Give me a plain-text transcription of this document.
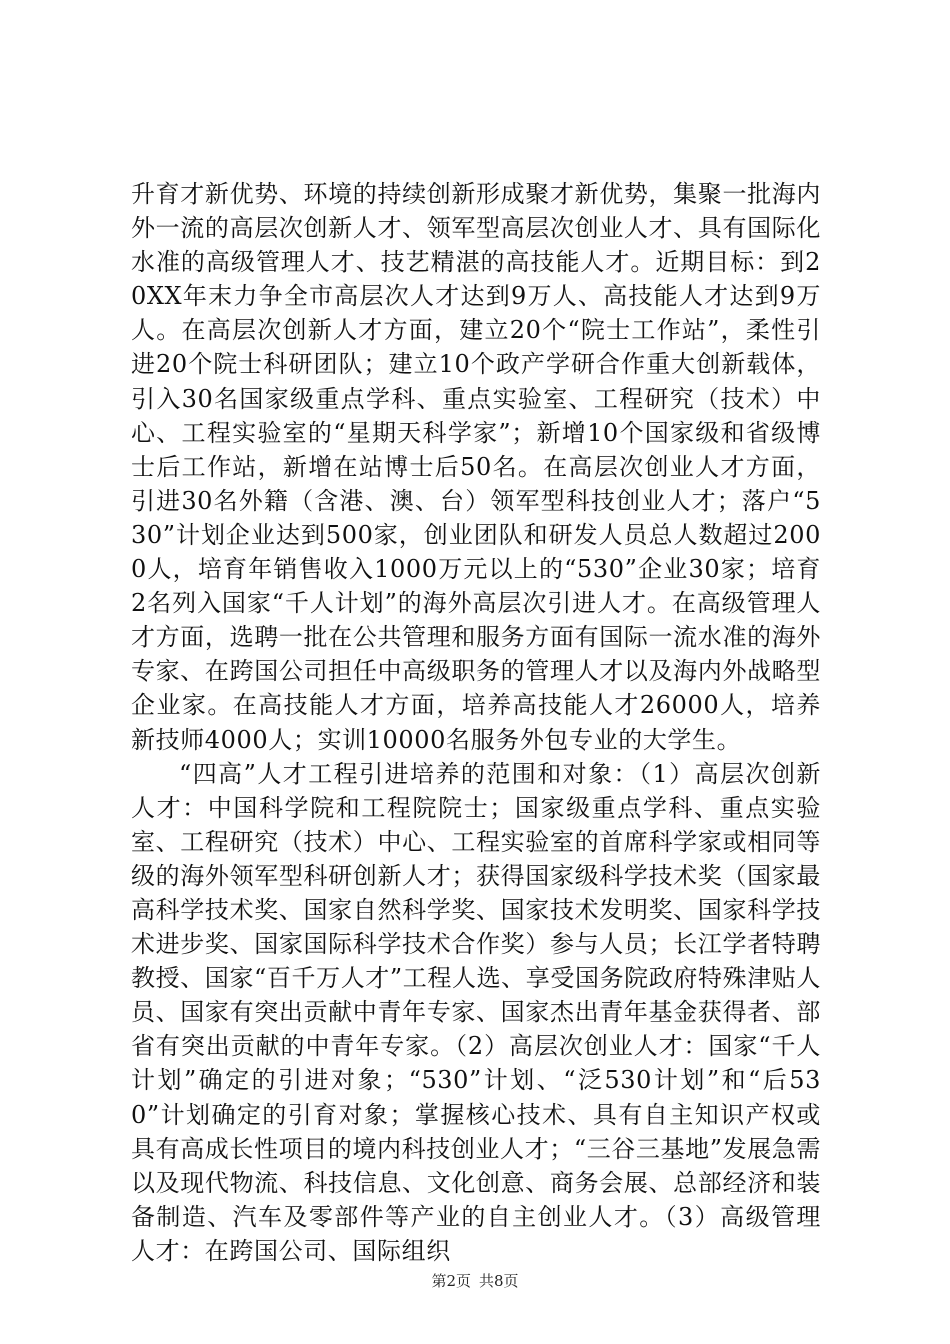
升育才新优势、环境的持续创新形成聚才新优势，集聚一批海内外一流的高层次创新人才、领军型高层次创业人才、具有国际化水准的高级管理人才、技艺精湛的高技能人才。近期目标：到20XX年末力争全市高层次人才达到9万人、高技能人才达到9万人。在高层次创新人才方面，建立20个“院士工作站”，柔性引进20个院士科研团队；建立10个政产学研合作重大创新载体，引入30名国家级重点学科、重点实验室、工程研究（技术）中心、工程实验室的“星期天科学家”；新增10个国家级和省级博士后工作站，新增在站博士后50名。在高层次创业人才方面，引进30名外籍（含港、澳、台）领军型科技创业人才；落户“530”计划企业达到500家，创业团队和研发人员总人数超过2000人，培育年销售收入1000万元以上的“530”企业30家；培育2名列入国家“千人计划”的海外高层次引进人才。在高级管理人才方面，选聘一批在公共管理和服务方面有国际一流水准的海外专家、在跨国公司担任中高级职务的管理人才以及海内外战略型企业家。在高技能人才方面，培养高技能人才26000人，培养新技师4000人；实训10000名服务外包专业的大学生。

“四高”人才工程引进培养的范围和对象：（1）高层次创新人才：中国科学院和工程院院士；国家级重点学科、重点实验室、工程研究（技术）中心、工程实验室的首席科学家或相同等级的海外领军型科研创新人才；获得国家级科学技术奖（国家最高科学技术奖、国家自然科学奖、国家技术发明奖、国家科学技术进步奖、国家国际科学技术合作奖）参与人员；长江学者特聘教授、国家“百千万人才”工程人选、享受国务院政府特殊津贴人员、国家有突出贡献中青年专家、国家杰出青年基金获得者、部省有突出贡献的中青年专家。（2）高层次创业人才：国家“千人计划”确定的引进对象；“530”计划、“泛530计划”和“后530”计划确定的引育对象；掌握核心技术、具有自主知识产权或具有高成长性项目的境内科技创业人才；“三谷三基地”发展急需以及现代物流、科技信息、文化创意、商务会展、总部经济和装备制造、汽车及零部件等产业的自主创业人才。（3）高级管理人才：在跨国公司、国际组织

第2页 共8页
